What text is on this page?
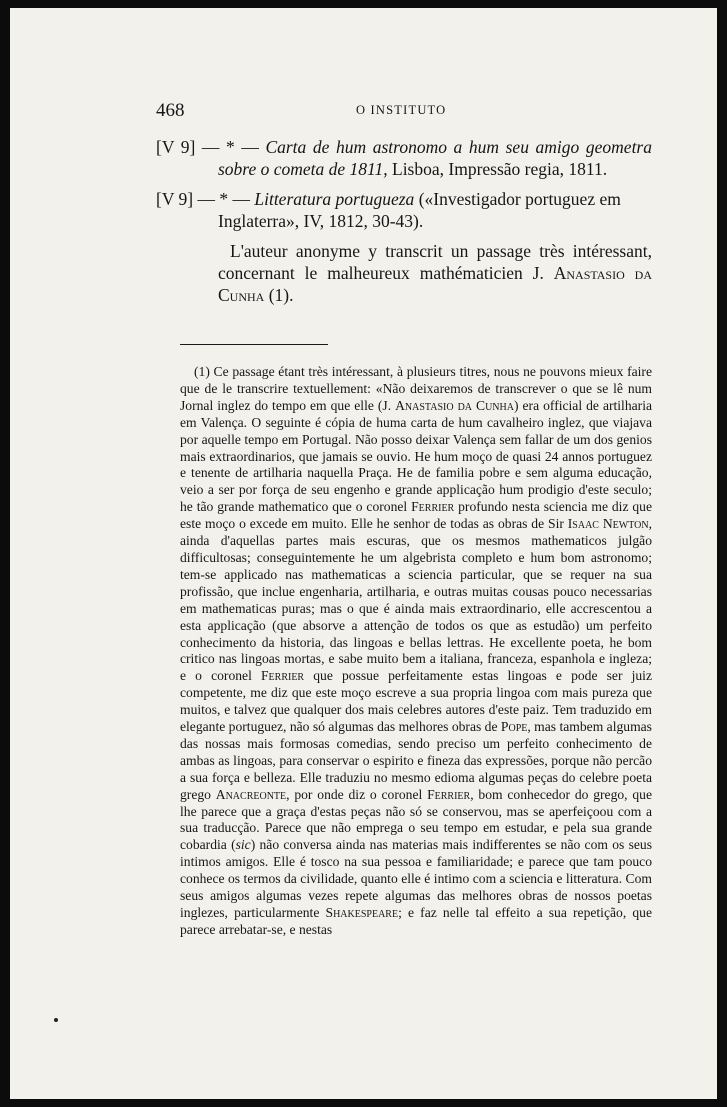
468	O INSTITUTO

[V 9] — * — Carta de hum astronomo a hum seu amigo geometra sobre o cometa de 1811, Lisboa, Impressão regia, 1811.

[V 9] — * — Litteratura portugueza («Investigador portuguez em Inglaterra», IV, 1812, 30-43).

L'auteur anonyme y transcrit un passage très intéressant, concernant le malheureux mathématicien J. Anastasio da Cunha (1).

(1) Ce passage étant très intéressant, à plusieurs titres, nous ne pouvons mieux faire que de le transcrire textuellement: «Não deixaremos de transcrever o que se lê num Jornal inglez do tempo em que elle (J. Anastasio da Cunha) era official de artilharia em Valença. O seguinte é cópia de huma carta de hum cavalheiro inglez, que viajava por aquelle tempo em Portugal. Não posso deixar Valença sem fallar de um dos genios mais extraordinarios, que jamais se ouvio. He hum moço de quasi 24 annos portuguez e tenente de artilharia naquella Praça. He de familia pobre e sem alguma educação, veio a ser por força de seu engenho e grande applicação hum prodigio d'este seculo; he tão grande mathematico que o coronel Ferrier profundo nesta sciencia me diz que este moço o excede em muito. Elle he senhor de todas as obras de Sir Isaac Newton, ainda d'aquellas partes mais escuras, que os mesmos mathematicos julgão difficultosas; conseguintemente he um algebrista completo e hum bom astronomo; tem-se applicado nas mathematicas a sciencia particular, que se requer na sua profissão, que inclue engenharia, artilharia, e outras muitas cousas pouco necessarias em mathematicas puras; mas o que é ainda mais extraordinario, elle accrescentou a esta applicação (que absorve a attenção de todos os que as estudão) um perfeito conhecimento da historia, das lingoas e bellas lettras. He excellente poeta, he bom critico nas lingoas mortas, e sabe muito bem a italiana, franceza, espanhola e ingleza; e o coronel Ferrier que possue perfeitamente estas lingoas e pode ser juiz competente, me diz que este moço escreve a sua propria lingoa com mais pureza que muitos, e talvez que qualquer dos mais celebres autores d'este paiz. Tem traduzido em elegante portuguez, não só algumas das melhores obras de Pope, mas tambem algumas das nossas mais formosas comedias, sendo preciso um perfeito conhecimento de ambas as lingoas, para conservar o espirito e fineza das expressões, porque não percão a sua força e belleza. Elle traduziu no mesmo edioma algumas peças do celebre poeta grego Anacreonte, por onde diz o coronel Ferrier, bom conhecedor do grego, que lhe parece que a graça d'estas peças não só se conservou, mas se aperfeiçoou com a sua traducção. Parece que não emprega o seu tempo em estudar, e pela sua grande cobardia (sic) não conversa ainda nas materias mais indifferentes se não com os seus intimos amigos. Elle é tosco na sua pessoa e familiaridade; e parece que tam pouco conhece os termos da civilidade, quanto elle é intimo com a sciencia e litteratura. Com seus amigos algumas vezes repete algumas das melhores obras de nossos poetas inglezes, particularmente Shakespeare; e faz nelle tal effeito a sua repetição, que parece arrebatar-se, e nestas
